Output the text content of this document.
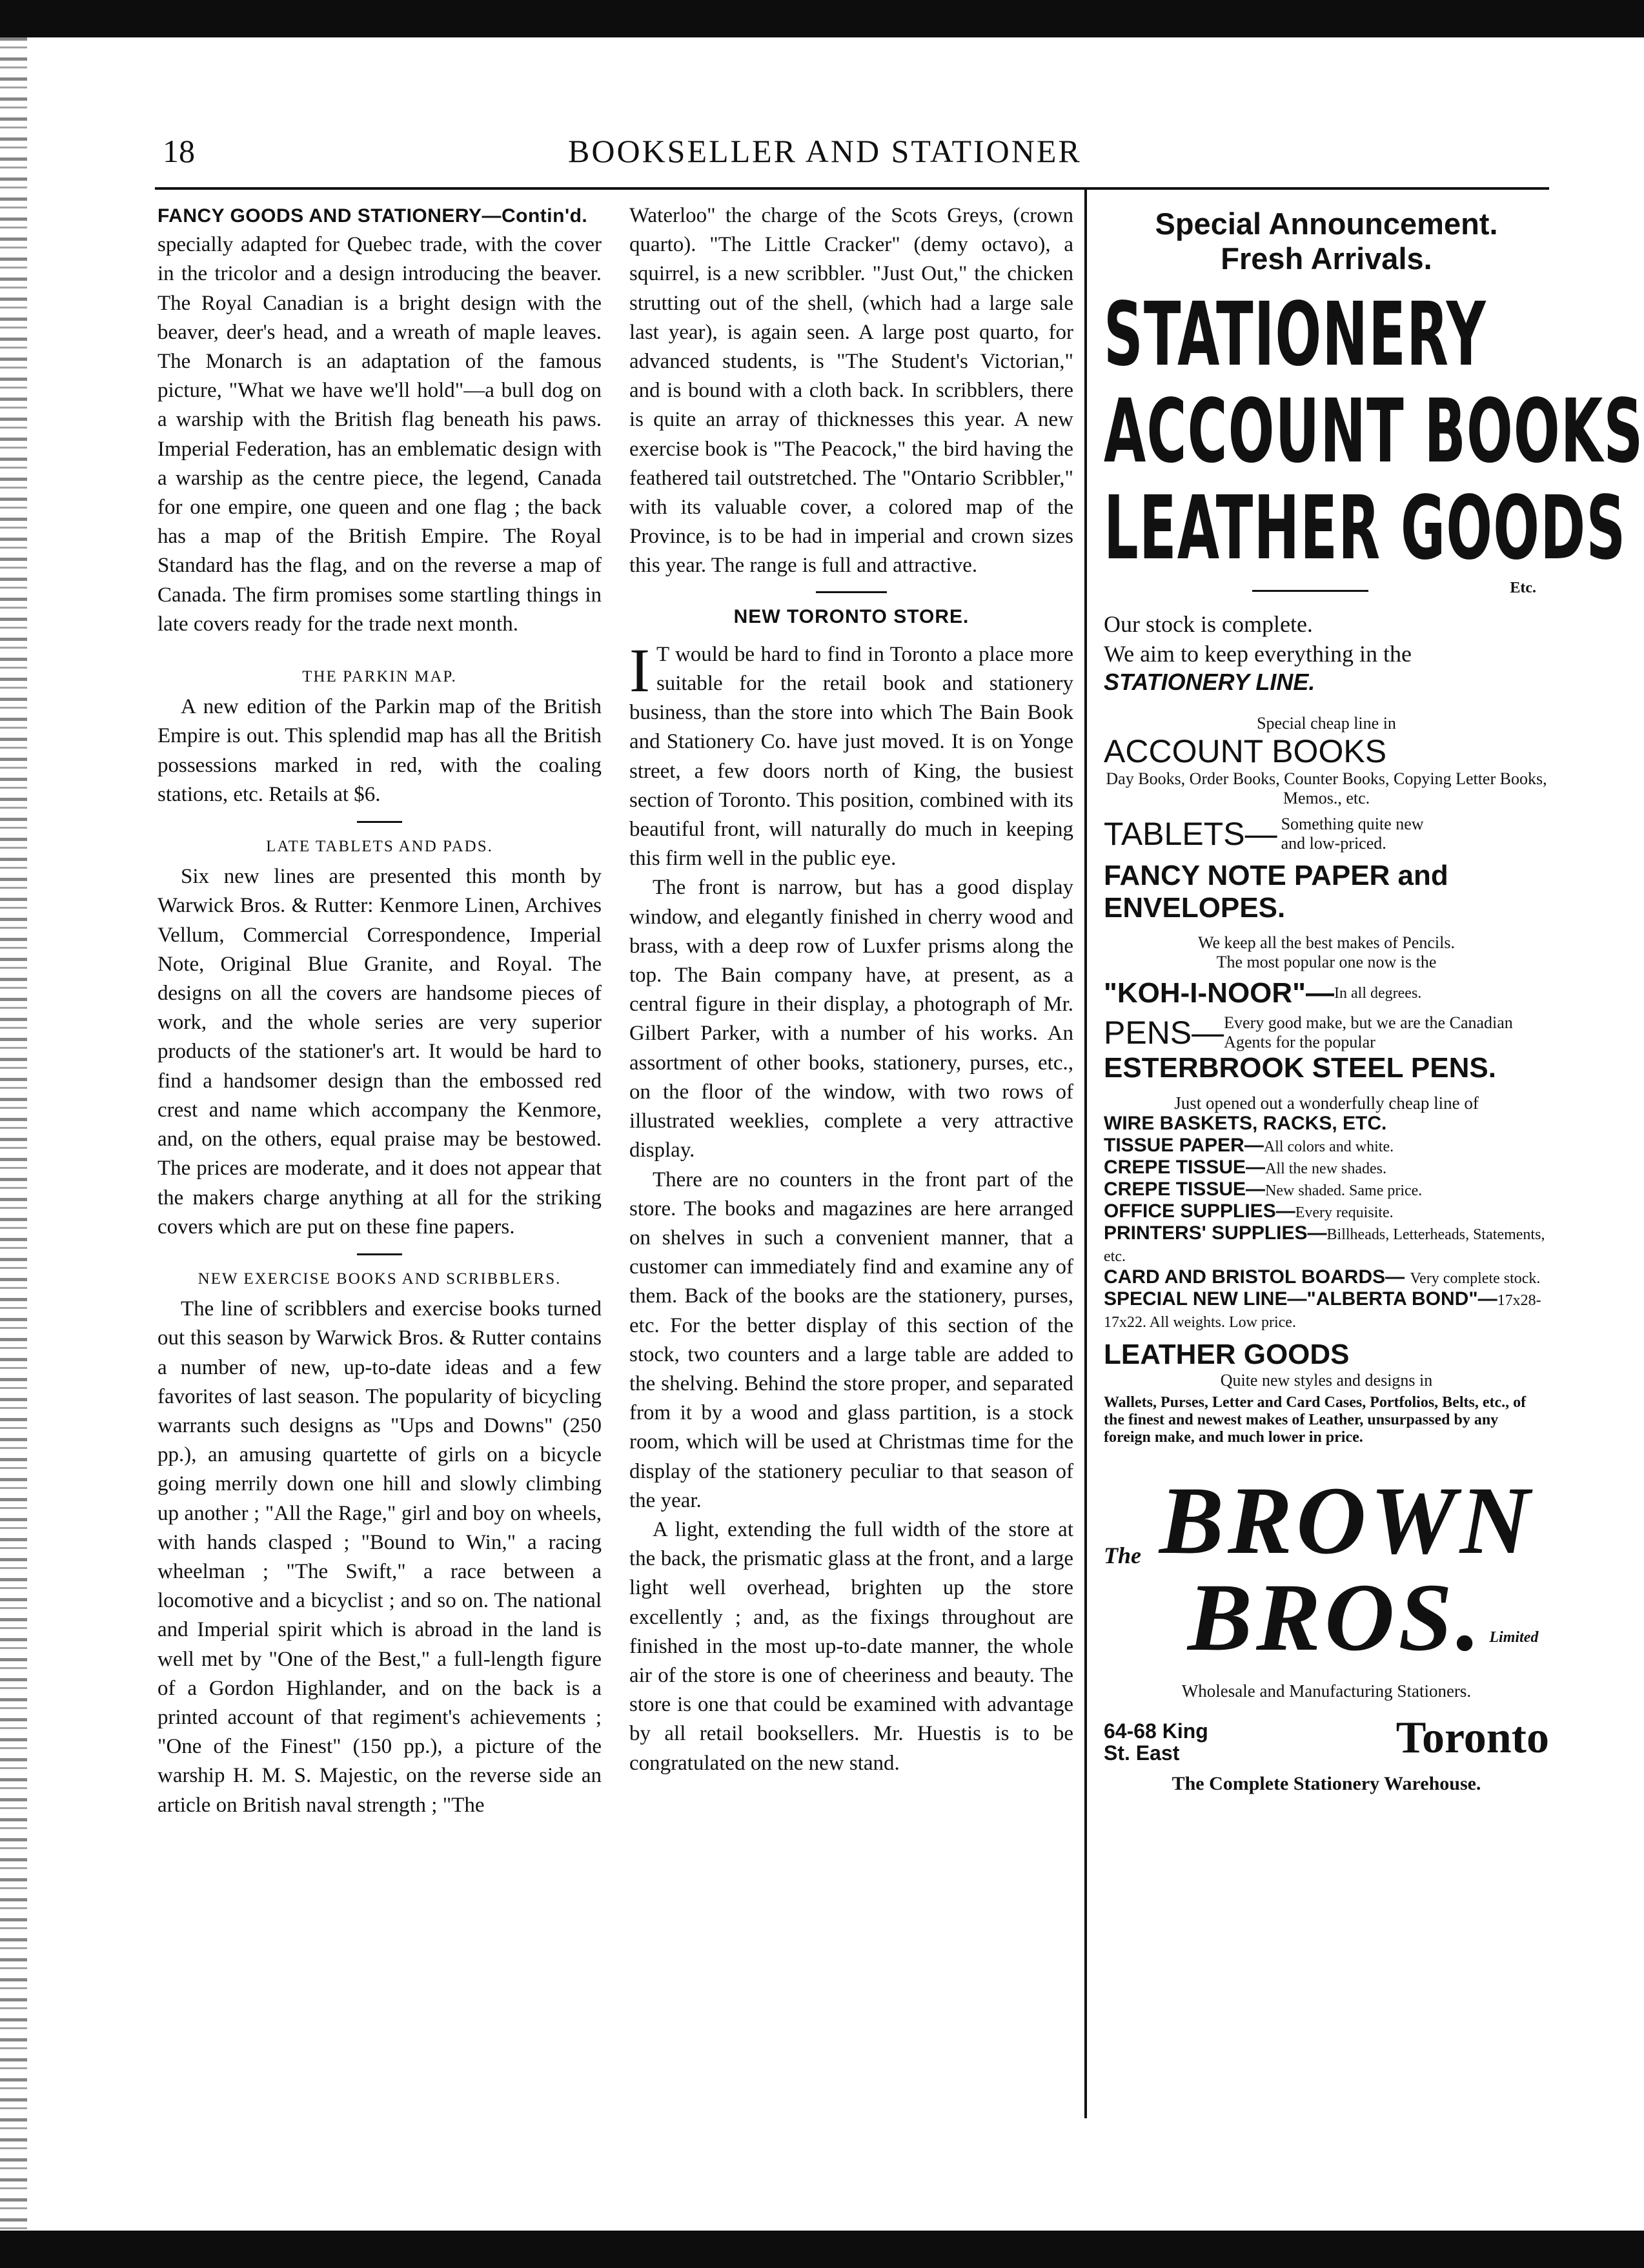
18	BOOKSELLER AND STATIONER

FANCY GOODS AND STATIONERY—Contin'd.

specially adapted for Quebec trade, with the cover in the tricolor and a design introducing the beaver. The Royal Canadian is a bright design with the beaver, deer's head, and a wreath of maple leaves. The Monarch is an adaptation of the famous picture, "What we have we'll hold"—a bull dog on a warship with the British flag beneath his paws. Imperial Federation, has an emblematic design with a warship as the centre piece, the legend, Canada for one empire, one queen and one flag ; the back has a map of the British Empire. The Royal Standard has the flag, and on the reverse a map of Canada. The firm promises some startling things in late covers ready for the trade next month.

THE PARKIN MAP.

A new edition of the Parkin map of the British Empire is out. This splendid map has all the British possessions marked in red, with the coaling stations, etc. Retails at $6.

LATE TABLETS AND PADS.

Six new lines are presented this month by Warwick Bros. & Rutter: Kenmore Linen, Archives Vellum, Commercial Correspondence, Imperial Note, Original Blue Granite, and Royal. The designs on all the covers are handsome pieces of work, and the whole series are very superior products of the stationer's art. It would be hard to find a handsomer design than the embossed red crest and name which accompany the Kenmore, and, on the others, equal praise may be bestowed. The prices are moderate, and it does not appear that the makers charge anything at all for the striking covers which are put on these fine papers.

NEW EXERCISE BOOKS AND SCRIBBLERS.

The line of scribblers and exercise books turned out this season by Warwick Bros. & Rutter contains a number of new, up-to-date ideas and a few favorites of last season. The popularity of bicycling warrants such designs as "Ups and Downs" (250 pp.), an amusing quartette of girls on a bicycle going merrily down one hill and slowly climbing up another ; "All the Rage," girl and boy on wheels, with hands clasped ; "Bound to Win," a racing wheelman ; "The Swift," a race between a locomotive and a bicyclist ; and so on. The national and Imperial spirit which is abroad in the land is well met by "One of the Best," a full-length figure of a Gordon Highlander, and on the back is a printed account of that regiment's achievements ; "One of the Finest" (150 pp.), a picture of the warship H. M. S. Majestic, on the reverse side an article on British naval strength ; "The

Waterloo" the charge of the Scots Greys, (crown quarto). "The Little Cracker" (demy octavo), a squirrel, is a new scribbler. "Just Out," the chicken strutting out of the shell, (which had a large sale last year), is again seen. A large post quarto, for advanced students, is "The Student's Victorian," and is bound with a cloth back. In scribblers, there is quite an array of thicknesses this year. A new exercise book is "The Peacock," the bird having the feathered tail outstretched. The "Ontario Scribbler," with its valuable cover, a colored map of the Province, is to be had in imperial and crown sizes this year. The range is full and attractive.

NEW TORONTO STORE.

I T would be hard to find in Toronto a place more suitable for the retail book and stationery business, than the store into which The Bain Book and Stationery Co. have just moved. It is on Yonge street, a few doors north of King, the busiest section of Toronto. This position, combined with its beautiful front, will naturally do much in keeping this firm well in the public eye.

The front is narrow, but has a good display window, and elegantly finished in cherry wood and brass, with a deep row of Luxfer prisms along the top. The Bain company have, at present, as a central figure in their display, a photograph of Mr. Gilbert Parker, with a number of his works. An assortment of other books, stationery, purses, etc., on the floor of the window, with two rows of illustrated weeklies, complete a very attractive display.

There are no counters in the front part of the store. The books and magazines are here arranged on shelves in such a convenient manner, that a customer can immediately find and examine any of them. Back of the books are the stationery, purses, etc. For the better display of this section of the stock, two counters and a large table are added to the shelving. Behind the store proper, and separated from it by a wood and glass partition, is a stock room, which will be used at Christmas time for the display of the stationery peculiar to that season of the year.

A light, extending the full width of the store at the back, the prismatic glass at the front, and a large light well overhead, brighten up the store excellently ; and, as the fixings throughout are finished in the most up-to-date manner, the whole air of the store is one of cheeriness and beauty. The store is one that could be examined with advantage by all retail booksellers. Mr. Huestis is to be congratulated on the new stand.

Special Announcement.
Fresh Arrivals.
STATIONERY
ACCOUNT BOOKS
LEATHER GOODS
Etc.
Our stock is complete.
We aim to keep everything in the
STATIONERY LINE.
Special cheap line in
ACCOUNT BOOKS
Day Books, Order Books, Counter Books, Copying Letter Books, Memos., etc.
TABLETS— Something quite new and low-priced.
FANCY NOTE PAPER and ENVELOPES.
We keep all the best makes of Pencils.
The most popular one now is the
"KOH-I-NOOR"— In all degrees.
PENS— Every good make, but we are the Canadian Agents for the popular
ESTERBROOK STEEL PENS.
Just opened out a wonderfully cheap line of
WIRE BASKETS, RACKS, ETC.
TISSUE PAPER—All colors and white.
CREPE TISSUE—All the new shades.
CREPE TISSUE—New shaded. Same price.
OFFICE SUPPLIES—Every requisite.
PRINTERS' SUPPLIES—Billheads, Letterheads, Statements, etc.
CARD AND BRISTOL BOARDS— Very complete stock.
SPECIAL NEW LINE—"ALBERTA BOND"—17x28-17x22. All weights. Low price.
LEATHER GOODS
Quite new styles and designs in
Wallets, Purses, Letter and Card Cases, Portfolios, Belts, etc., of the finest and newest makes of Leather, unsurpassed by any foreign make, and much lower in price.
The BROWN
BROS. Limited
Wholesale and Manufacturing Stationers.
64-68 King
St. East	Toronto
The Complete Stationery Warehouse.
